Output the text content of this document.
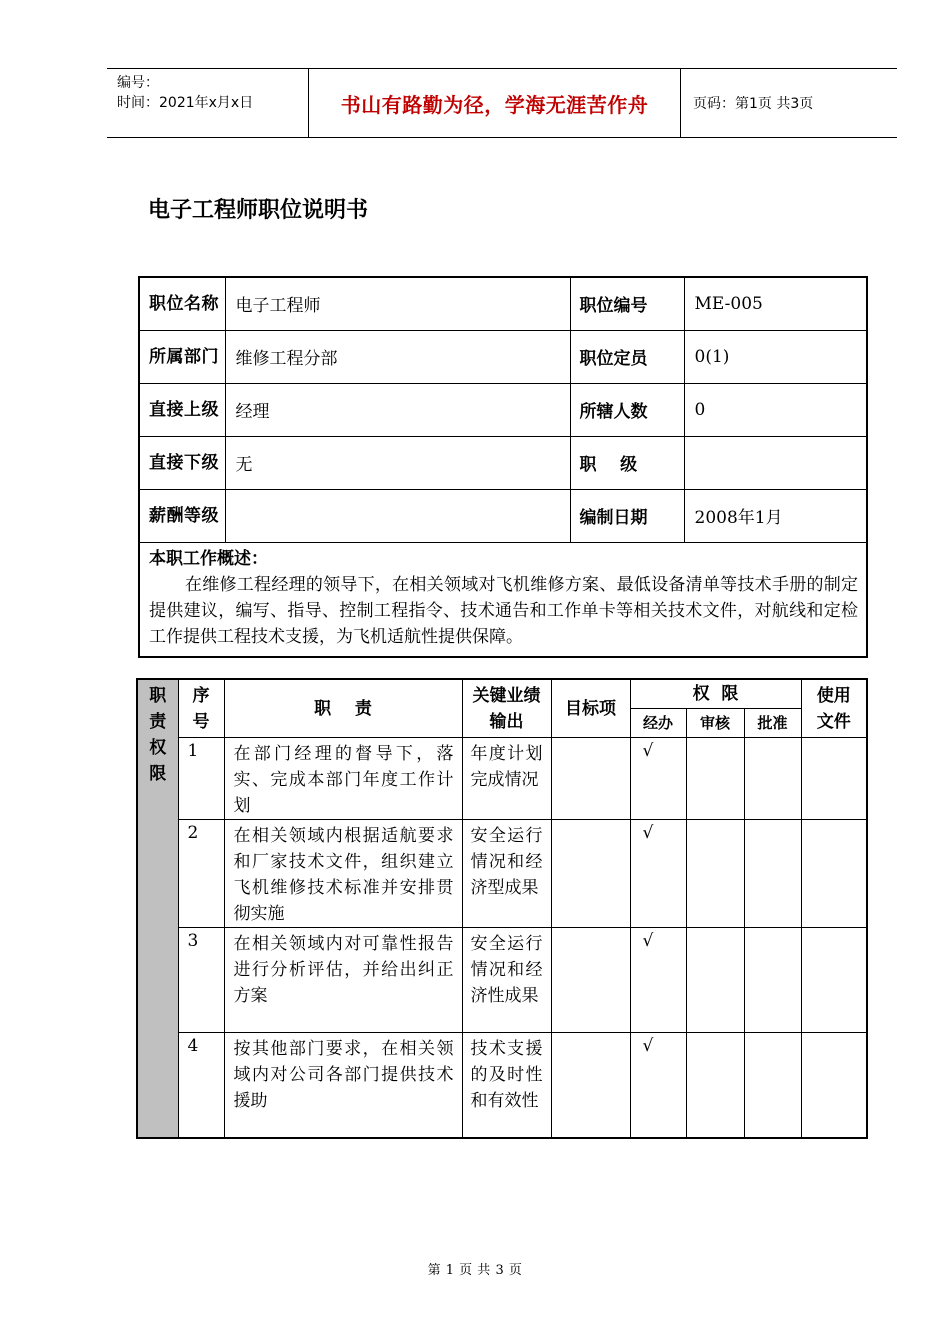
编号：
时间：2021年x月x日	书山有路勤为径，学海无涯苦作舟	页码：第1页 共3页
电子工程师职位说明书
职位名称	电子工程师	职位编号	ME-005
所属部门	维修工程分部	职位定员	0(1)
直接上级	经理	所辖人数	0
直接下级	无	职    级	
薪酬等级		编制日期	2008年1月

本职工作概述：
在维修工程经理的领导下，在相关领域对飞机维修方案、最低设备清单等技术手册的制定提供建议，编写、指导、控制工程指令、技术通告和工作单卡等相关技术文件，对航线和定检工作提供工程技术支援，为飞机适航性提供保障。			
职责权限	序号	职    责	关键业绩输出	目标项	权  限			使用文件

					经办	审核	批准	
	1	在部门经理的督导下，落实、完成本部门年度工作计划	年度计划完成情况		√			
	2	在相关领域内根据适航要求和厂家技术文件，组织建立飞机维修技术标准并安排贯彻实施	安全运行情况和经济型成果		√			
	3	在相关领域内对可靠性报告进行分析评估，并给出纠正方案	安全运行情况和经济性成果		√			
	4	按其他部门要求，在相关领域内对公司各部门提供技术援助	技术支援的及时性和有效性		√			
第 1 页 共 3 页
